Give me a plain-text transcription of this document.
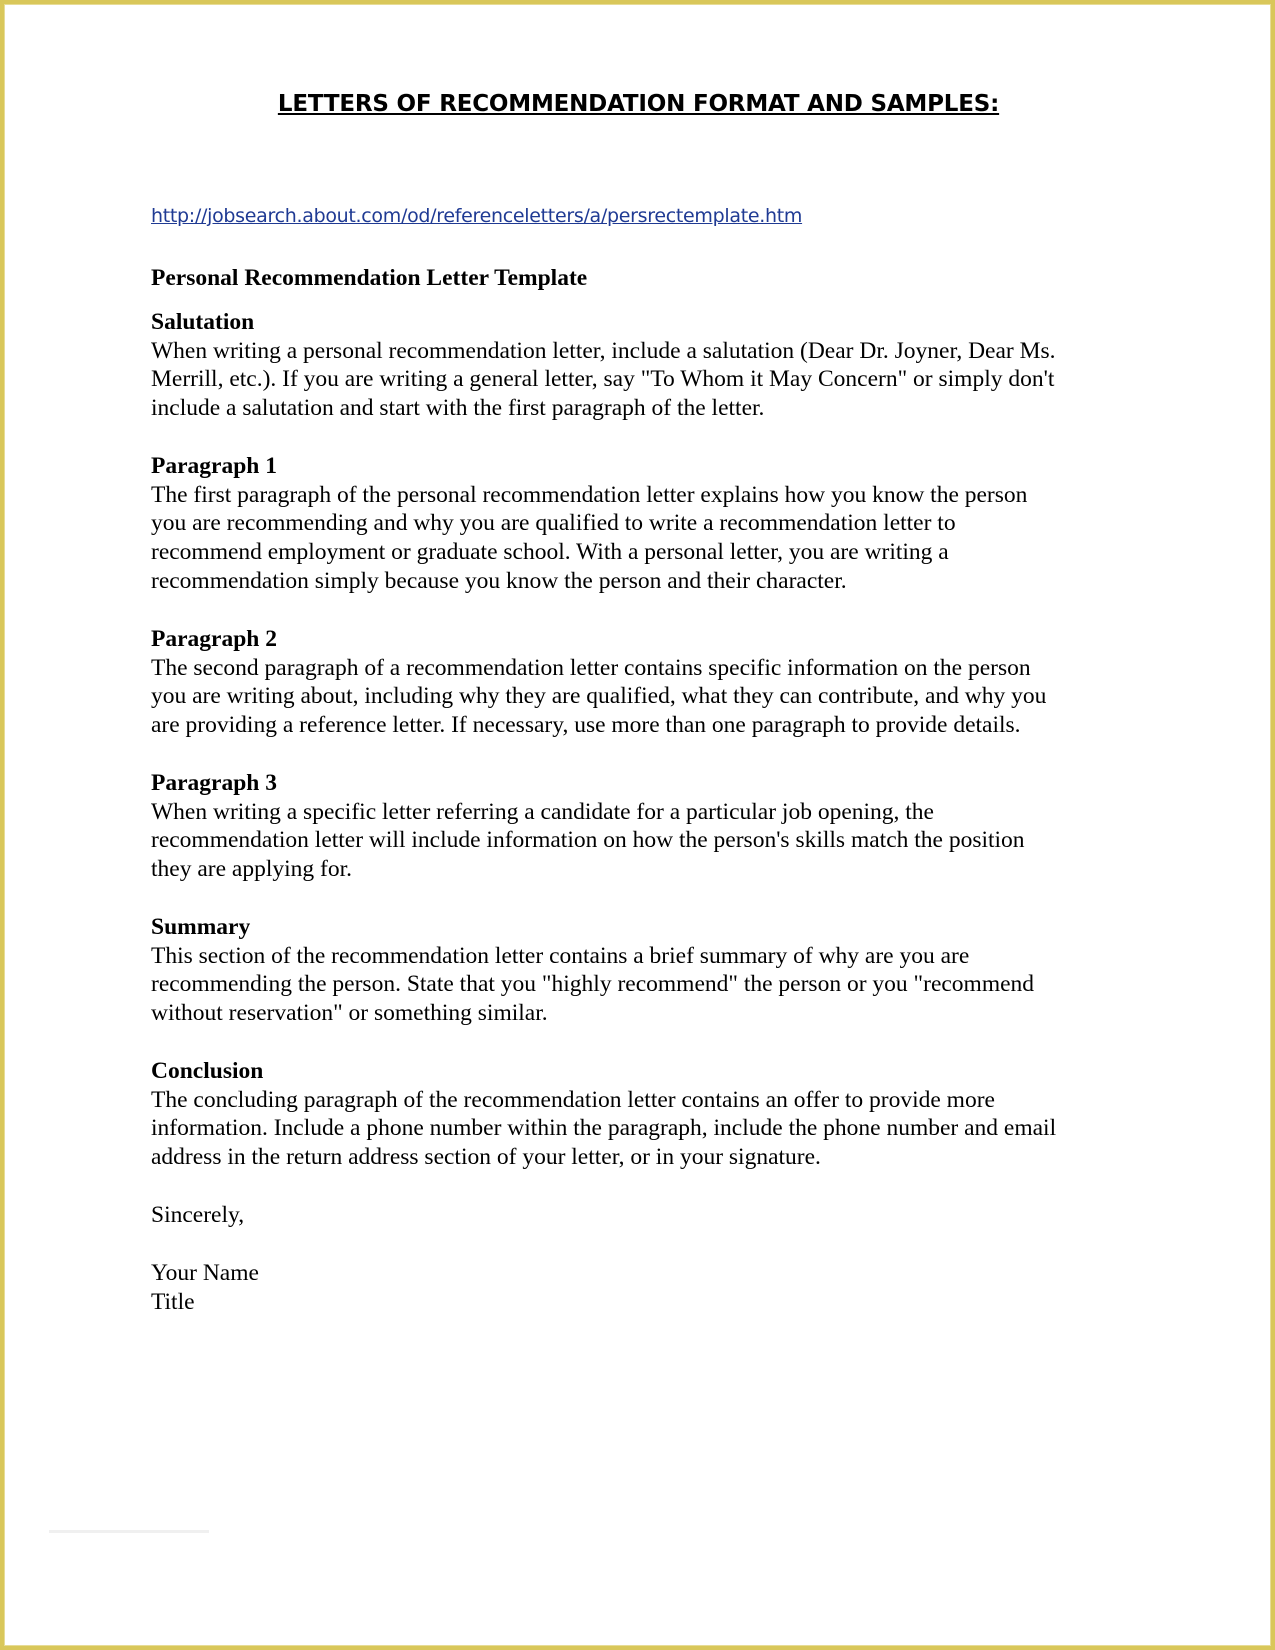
LETTERS OF RECOMMENDATION FORMAT AND SAMPLES:
http://jobsearch.about.com/od/referenceletters/a/persrectemplate.htm
Personal Recommendation Letter Template
Salutation

When writing a personal recommendation letter, include a salutation (Dear Dr. Joyner, Dear Ms.
Merrill, etc.). If you are writing a general letter, say "To Whom it May Concern" or simply don't
include a salutation and start with the first paragraph of the letter.

Paragraph 1

The first paragraph of the personal recommendation letter explains how you know the person
you are recommending and why you are qualified to write a recommendation letter to
recommend employment or graduate school. With a personal letter, you are writing a
recommendation simply because you know the person and their character.

Paragraph 2

The second paragraph of a recommendation letter contains specific information on the person
you are writing about, including why they are qualified, what they can contribute, and why you
are providing a reference letter. If necessary, use more than one paragraph to provide details.

Paragraph 3

When writing a specific letter referring a candidate for a particular job opening, the
recommendation letter will include information on how the person's skills match the position
they are applying for.

Summary

This section of the recommendation letter contains a brief summary of why are you are
recommending the person. State that you "highly recommend" the person or you "recommend
without reservation" or something similar.

Conclusion

The concluding paragraph of the recommendation letter contains an offer to provide more
information. Include a phone number within the paragraph, include the phone number and email
address in the return address section of your letter, or in your signature.

Sincerely,
Your Name
Title
